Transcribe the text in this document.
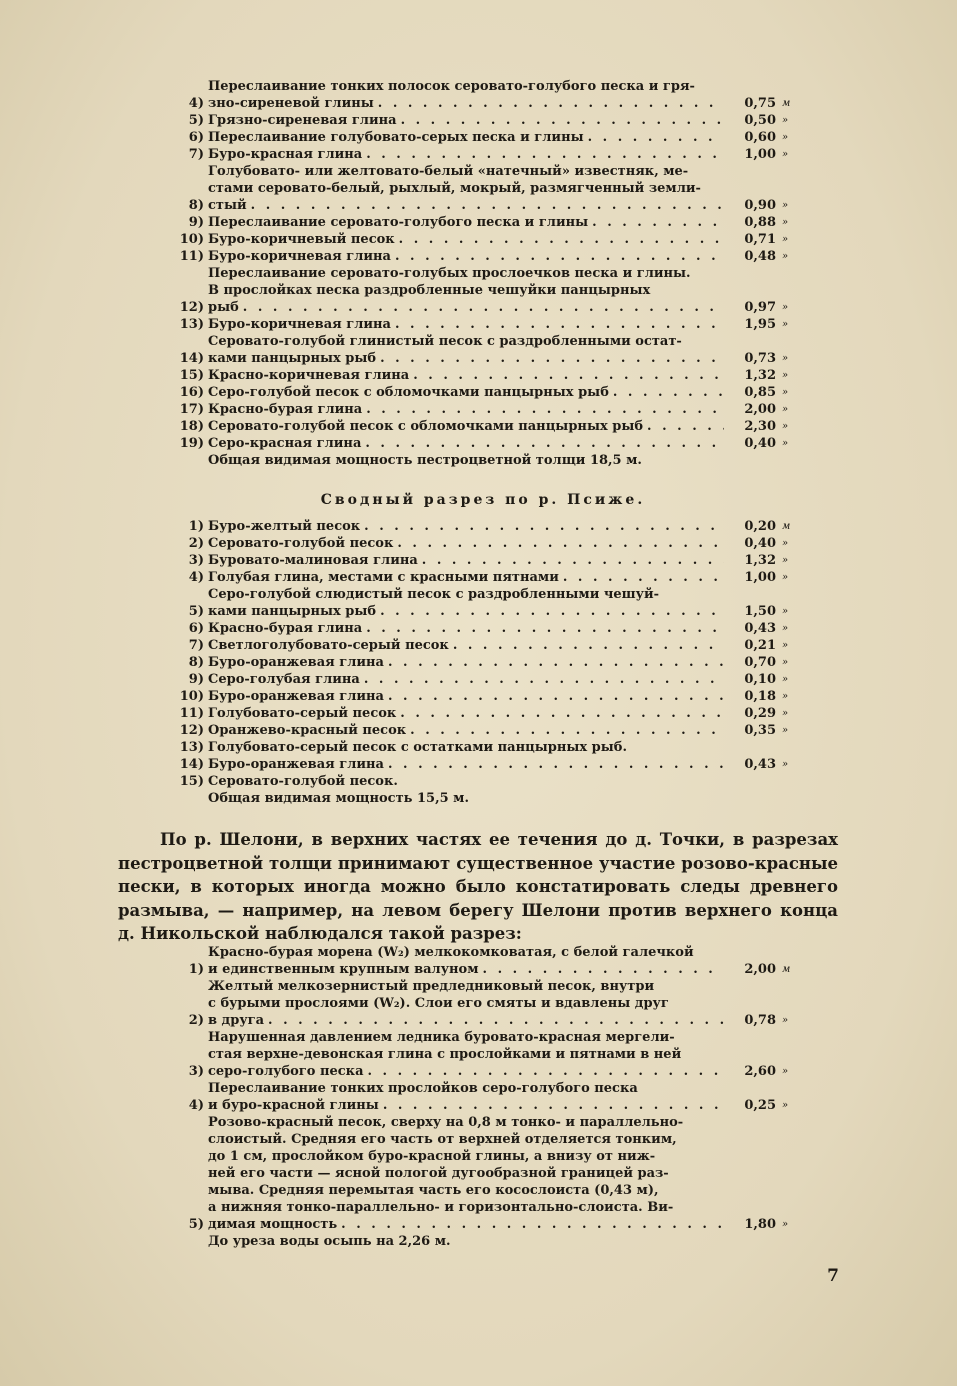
4)
Переслаивание тонких полосок серовато-голубого песка и гря-
зно-сиреневой глины . . .	0,75 м
5) Грязно-сиреневая глина . . .	0,50 »
6) Переслаивание голубовато-серых песка и глины . . .	0,60 »
7) Буро-красная глина . . .	1,00 »
8)
Голубовато- или желтовато-белый «натечный» известняк, ме-
стами серовато-белый, рыхлый, мокрый, размягченный земли-
стый . . .	0,90 »
9) Переслаивание серовато-голубого песка и глины . . .	0,88 »
10) Буро-коричневый песок . . .	0,71 »
11) Буро-коричневая глина . . .	0,48 »
12)
Переслаивание серовато-голубых прослоечков песка и глины.
В прослойках песка раздробленные чешуйки панцырных
рыб . . .	0,97 »
13) Буро-коричневая глина . . .	1,95 »
14)
Серовато-голубой глинистый песок с раздробленными остат-
ками панцырных рыб . . .	0,73 »
15) Красно-коричневая глина . . .	1,32 »
16) Серо-голубой песок с обломочками панцырных рыб . . .	0,85 »
17) Красно-бурая глина . . .	2,00 »
18) Серовато-голубой песок с обломочками панцырных рыб . . .	2,30 »
19) Серо-красная глина . . .	0,40 »
Общая видимая мощность пестроцветной толщи 18,5 м.
Сводный разрез по р. Псиже.
1) Буро-желтый песок . . .	0,20 м
2) Серовато-голубой песок . . .	0,40 »
3) Буровато-малиновая глина . . .	1,32 »
4) Голубая глина, местами с красными пятнами . . .	1,00 »
5)
Серо-голубой слюдистый песок с раздробленными чешуй-
ками панцырных рыб . . .	1,50 »
6) Красно-бурая глина . . .	0,43 »
7) Светлоголубовато-серый песок . . .	0,21 »
8) Буро-оранжевая глина . . .	0,70 »
9) Серо-голубая глина . . .	0,10 »
10) Буро-оранжевая глина . . .	0,18 »
11) Голубовато-серый песок . . .	0,29 »
12) Оранжево-красный песок . . .	0,35 »
13) Голубовато-серый песок с остатками панцырных рыб.
14) Буро-оранжевая глина . . .	0,43 »
15) Серовато-голубой песок.
Общая видимая мощность 15,5 м.
По р. Шелони, в верхних частях ее течения до д. Точки, в разрезах пестроцветной толщи принимают существенное участие розово-красные пески, в которых иногда можно было констатировать следы древнего размыва, — например, на левом берегу Шелони против верхнего конца д. Никольской наблюдался такой разрез:
1)
Красно-бурая морена (W₂) мелкокомковатая, с белой галечкой
и единственным крупным валуном . . .	2,00 м
2)
Желтый мелкозернистый предледниковый песок, внутри
с бурыми прослоями (W₂). Слои его смяты и вдавлены друг
в друга . . .	0,78 »
3)
Нарушенная давлением ледника буровато-красная мергели-
стая верхне-девонская глина с прослойками и пятнами в ней
серо-голубого песка . . .	2,60 »
4)
Переслаивание тонких прослойков серо-голубого песка
и буро-красной глины . . .	0,25 »
5)
Розово-красный песок, сверху на 0,8 м тонко- и параллельно-
слоистый. Средняя его часть от верхней отделяется тонким,
до 1 см, прослойком буро-красной глины, а внизу от ниж-
ней его части — ясной пологой дугообразной границей раз-
мыва. Средняя перемытая часть его косослоиста (0,43 м),
а нижняя тонко-параллельно- и горизонтально-слоиста. Ви-
димая мощность . . .	1,80 »
До уреза воды осыпь на 2,26 м.
7
